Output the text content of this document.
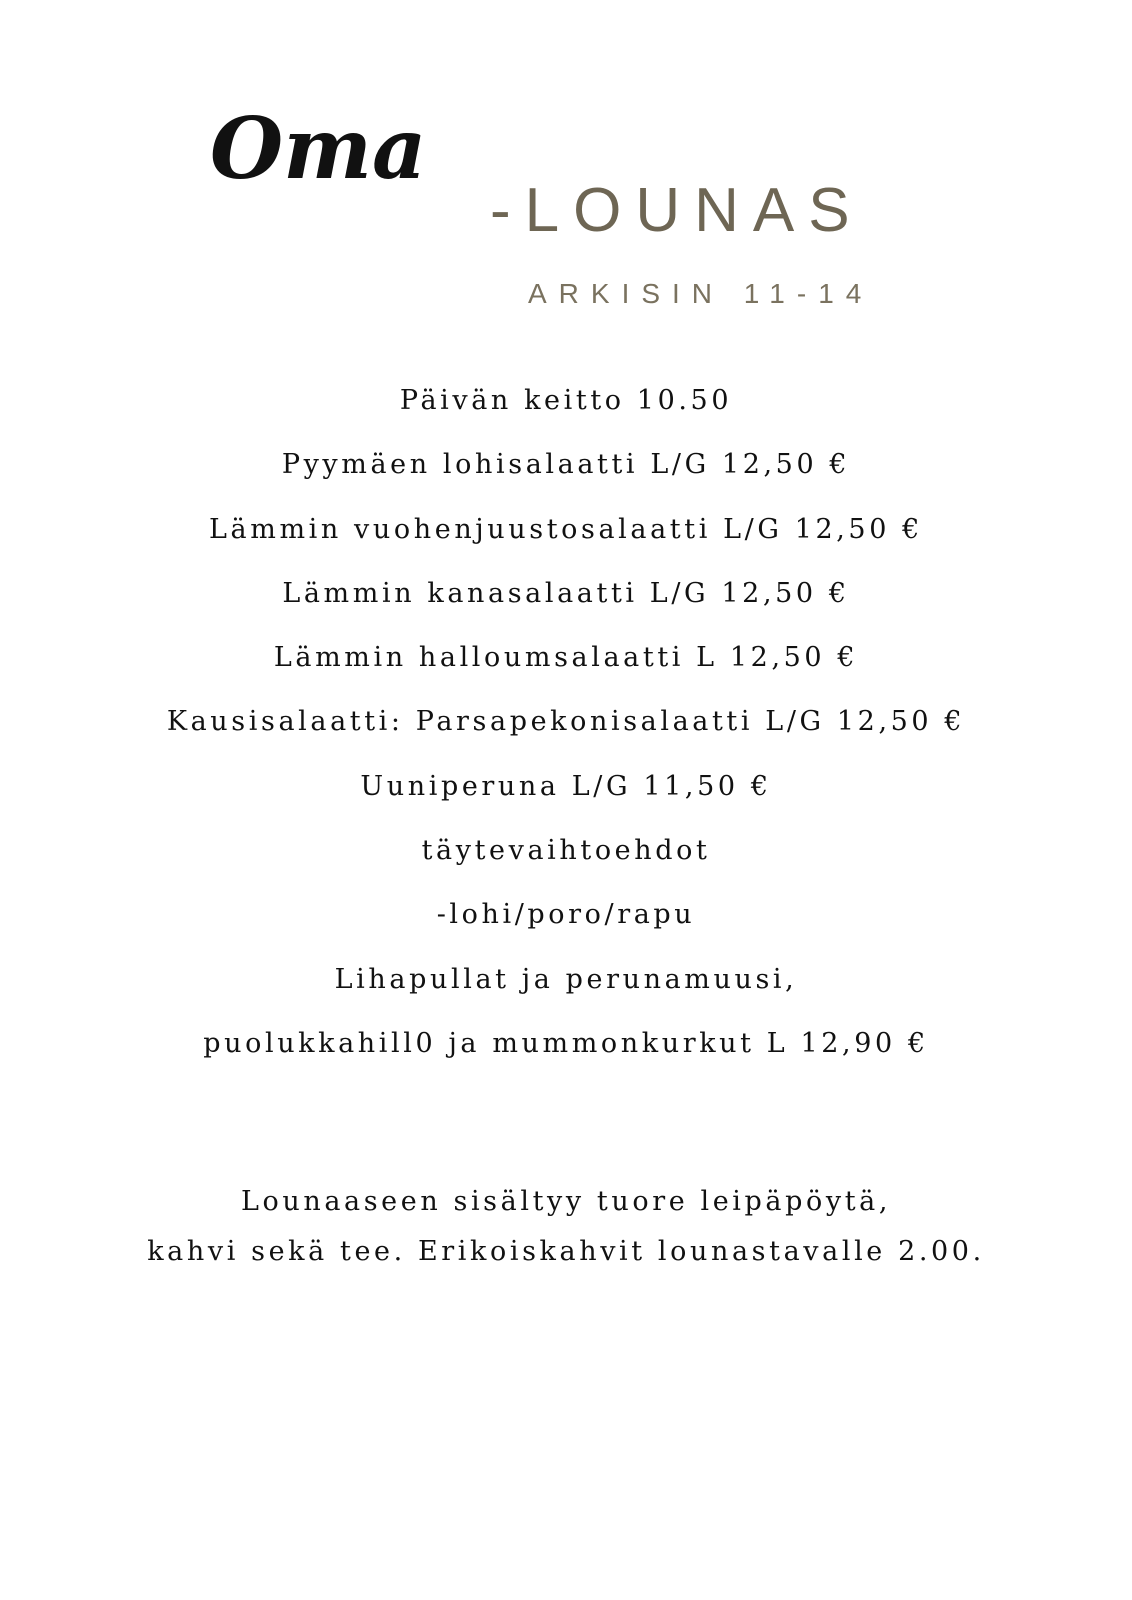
Oma
-LOUNAS
ARKISIN 11-14
Päivän keitto 10.50
Pyymäen lohisalaatti L/G 12,50 €
Lämmin vuohenjuustosalaatti L/G 12,50 €
Lämmin kanasalaatti L/G 12,50 €
Lämmin halloumsalaatti L 12,50 €
Kausisalaatti: Parsapekonisalaatti L/G 12,50 €
Uuniperuna L/G 11,50 €
täytevaihtoehdot
-lohi/poro/rapu
Lihapullat ja perunamuusi,
puolukkahill0 ja mummonkurkut L 12,90 €
Lounaaseen sisältyy tuore leipäpöytä,
kahvi sekä tee. Erikoiskahvit lounastavalle 2.00.
